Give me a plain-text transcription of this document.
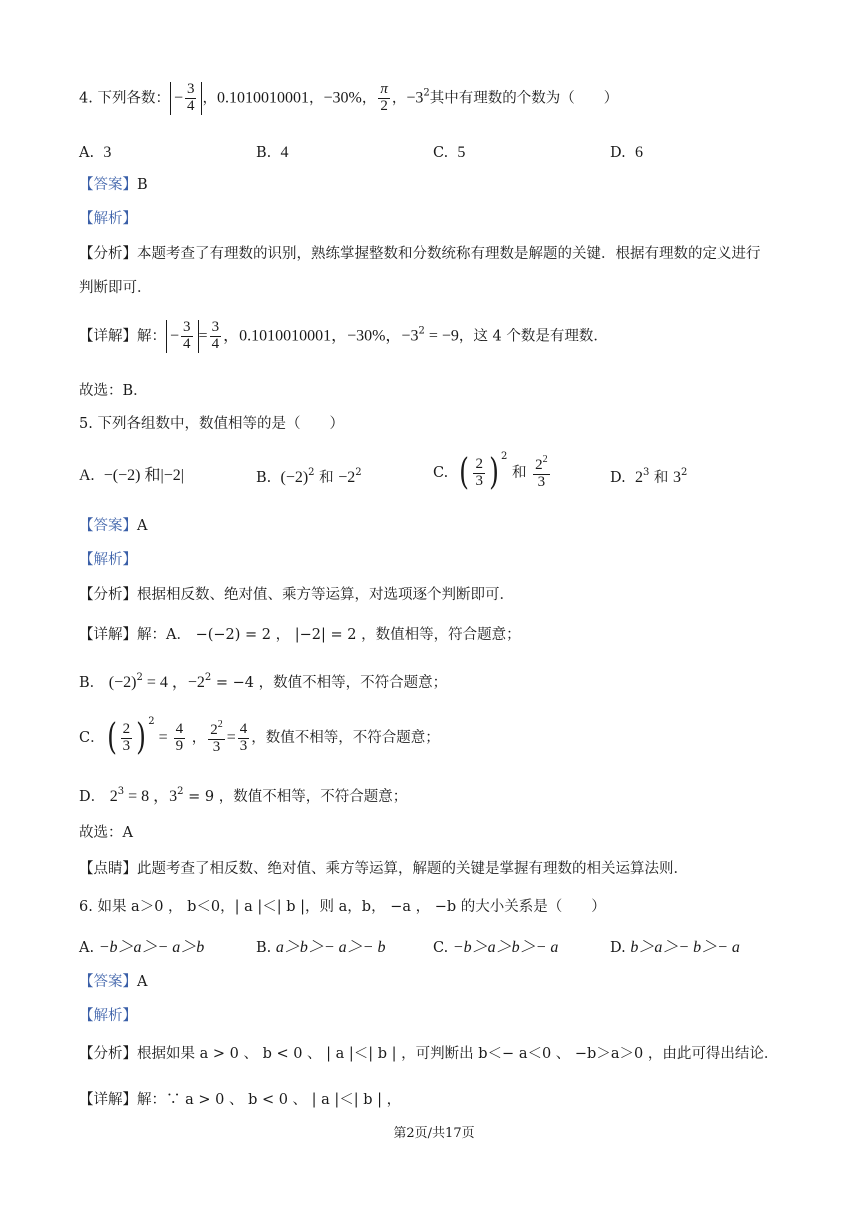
4. 下列各数： − $\frac{3}{4}$ ，0.1010010001，−30%， $\frac{\pi}{2}$ ，$-3^2$其中有理数的个数为（　　）
A. 3	B. 4	C. 5	D. 6
【答案】B
【解析】
【分析】本题考查了有理数的识别，熟练掌握整数和分数统称有理数是解题的关键．根据有理数的定义进行
判断即可．
【详解】解： − $\frac{3}{4} = \frac{3}{4}$ ，0.1010010001，−30%，$-3^2 = -9$，这 4 个数是有理数．
故选：B．
5. 下列各组数中，数值相等的是（　　）
A. −(−2) 和|−2|	B. $(-2)^2$ 和 $-2^2$	C. ( $\frac{2}{3}$ ) $^2$ 和 $\frac{2^2}{3}$	D. $2^3$ 和 $3^2$
【答案】A
【解析】
【分析】根据相反数、绝对值、乘方等运算，对选项逐个判断即可．
【详解】解：A． −(−2) = 2 ， |−2| = 2 ，数值相等，符合题意；
B． $(-2)^2 = 4$ ，$-2^2 = -4$ ，数值不相等，不符合题意；
C．( $\frac{2}{3}$ ) $^2 = \frac{4}{9}$ ， $\frac{2^2}{3} = \frac{4}{3}$ ，数值不相等，不符合题意；
D． $2^3 = 8$ ，$3^2 = 9$ ，数值不相等，不符合题意；
故选：A
【点睛】此题考查了相反数、绝对值、乘方等运算，解题的关键是掌握有理数的相关运算法则．
6. 如果 a＞0 ， b＜0，| a |＜| b |，则 a，b， −a ， −b 的大小关系是（　　）
A. −b＞a＞− a＞b	B. a＞b＞− a＞− b	C. −b＞a＞b＞− a	D. b＞a＞− b＞− a
【答案】A
【解析】
【分析】根据如果 a > 0 、 b < 0 、 | a |＜| b | ，可判断出 b＜− a＜0 、 −b＞a＞0 ，由此可得出结论．
【详解】解：∵ a > 0 、 b < 0 、 | a |＜| b | ，
第2页/共17页
